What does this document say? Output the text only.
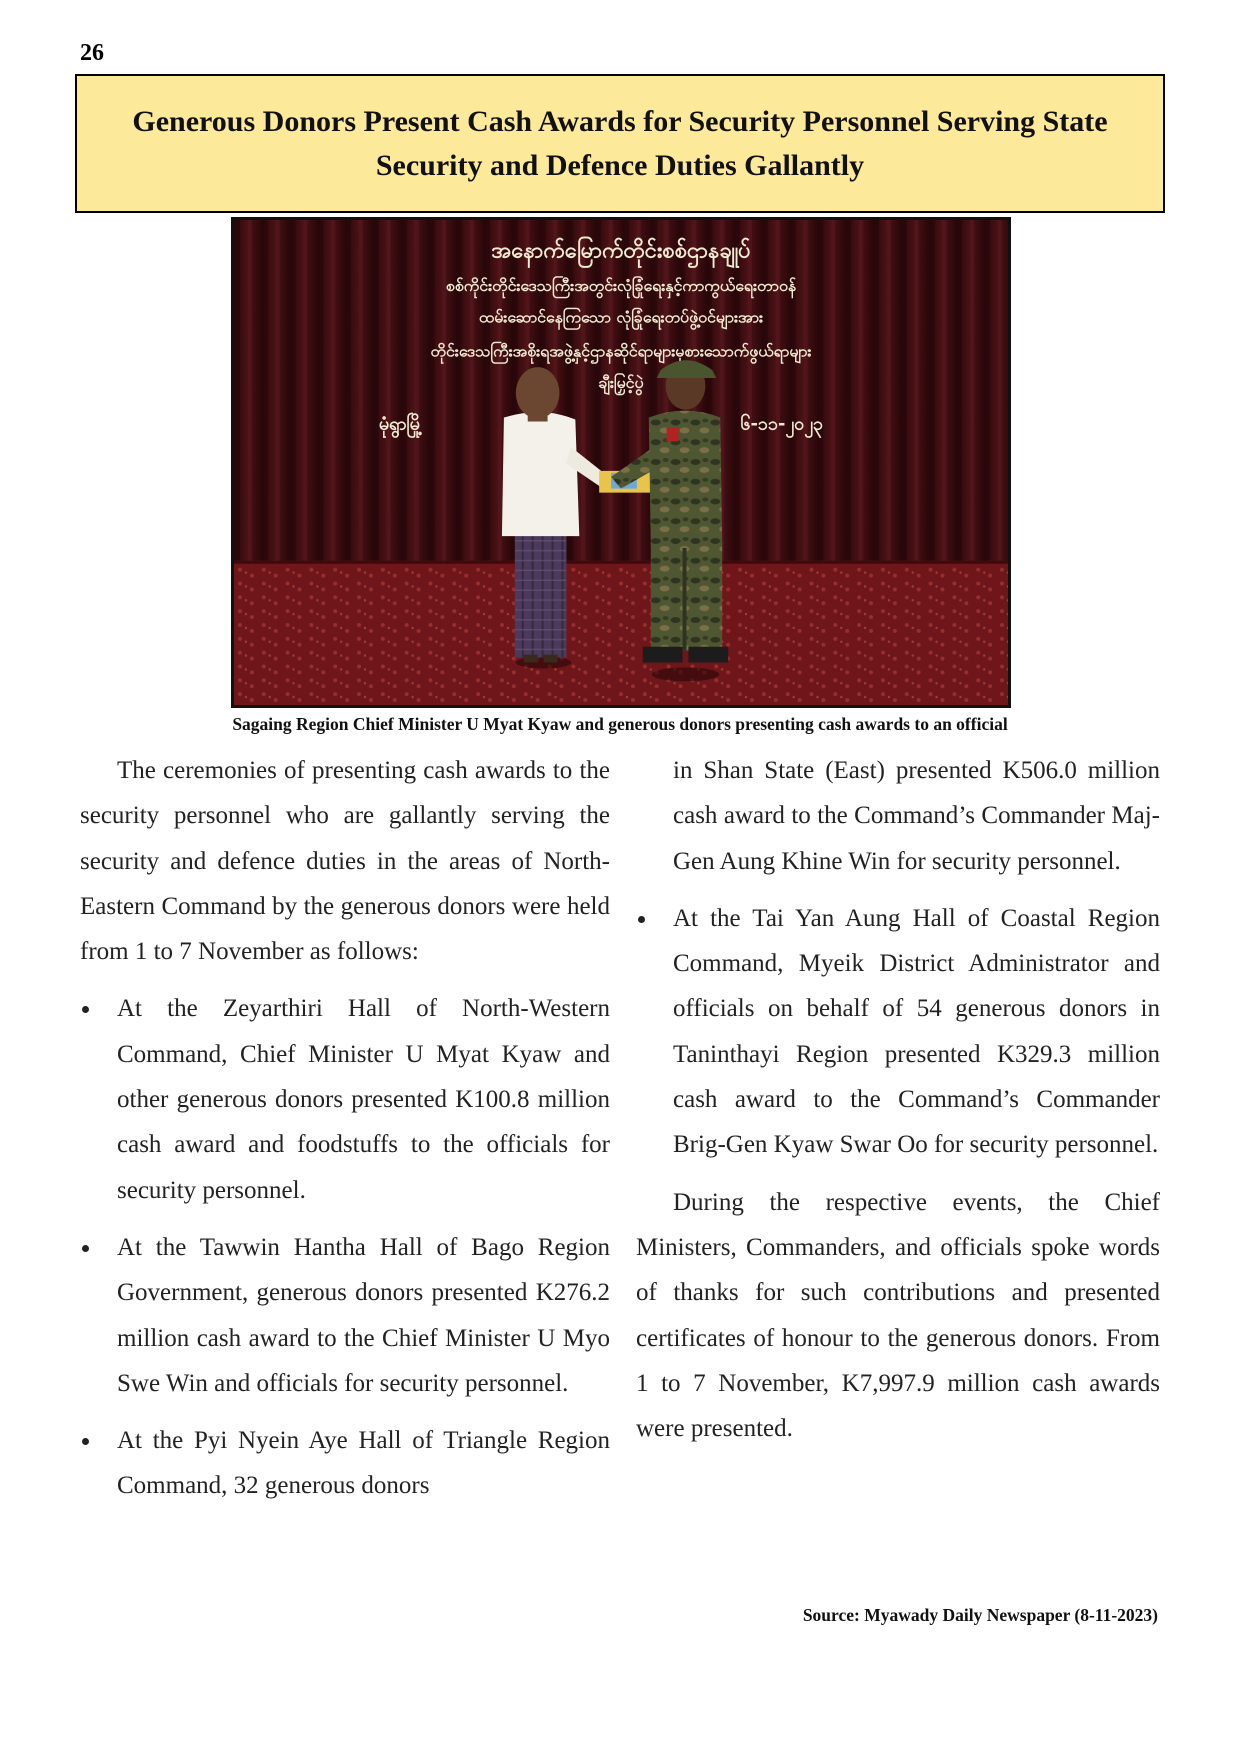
26
Generous Donors Present Cash Awards for Security Personnel Serving State Security and Defence Duties Gallantly
အနောက်မြောက်တိုင်းစစ်ဌာနချုပ်
စစ်ကိုင်းတိုင်းဒေသကြီးအတွင်းလုံခြုံရေးနှင့်ကာကွယ်ရေးတာဝန်
ထမ်းဆောင်နေကြသော လုံခြုံရေးတပ်ဖွဲ့ဝင်များအား
တိုင်းဒေသကြီးအစိုးရအဖွဲ့နှင့်ဌာနဆိုင်ရာများမှစားသောက်ဖွယ်ရာများ
ချီးမြှင့်ပွဲ
မုံရွာမြို့	၆-၁၁-၂၀၂၃
Sagaing Region Chief Minister U Myat Kyaw and generous donors presenting cash awards to an official

The ceremonies of presenting cash awards to the security personnel who are gallantly serving the security and defence duties in the areas of North-Eastern Command by the generous donors were held from 1 to 7 November as follows:

At the Zeyarthiri Hall of North-Western Command, Chief Minister U Myat Kyaw and other generous donors presented K100.8 million cash award and foodstuffs to the officials for security personnel.
At the Tawwin Hantha Hall of Bago Region Government, generous donors presented K276.2 million cash award to the Chief Minister U Myo Swe Win and officials for security personnel.
At the Pyi Nyein Aye Hall of Triangle Region Command, 32 generous donors

in Shan State (East) presented K506.0 million cash award to the Command’s Commander Maj-Gen Aung Khine Win for security personnel.

At the Tai Yan Aung Hall of Coastal Region Command, Myeik District Administrator and officials on behalf of 54 generous donors in Taninthayi Region presented K329.3 million cash award to the Command’s Commander Brig-Gen Kyaw Swar Oo for security personnel.

During the respective events, the Chief Ministers, Commanders, and officials spoke words of thanks for such contributions and presented certificates of honour to the generous donors. From 1 to 7 November, K7,997.9 million cash awards were presented.

Source: Myawady Daily Newspaper (8-11-2023)
